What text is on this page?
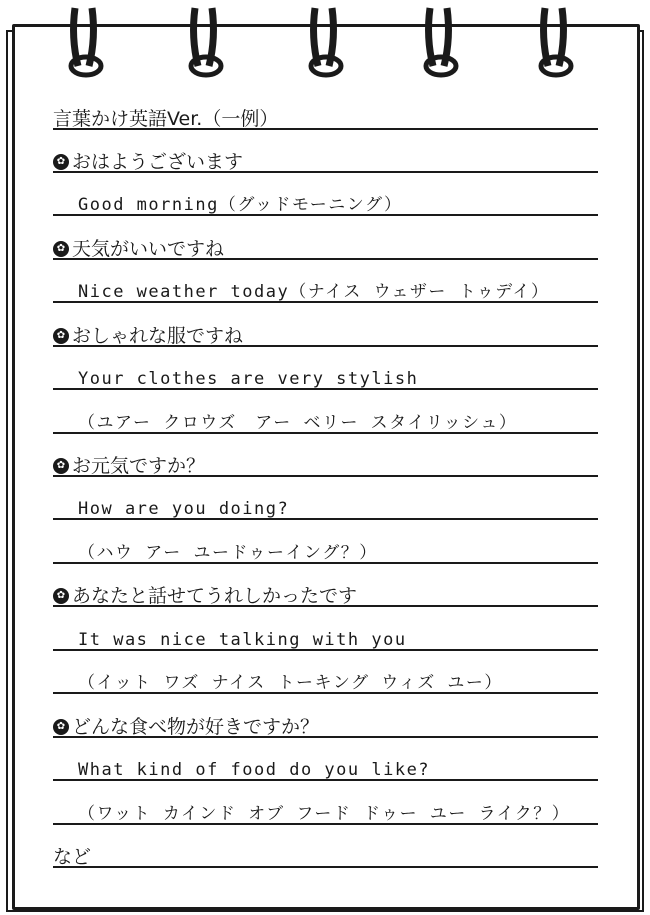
言葉かけ英語Ver.（一例）
✿ おはようございます
Good morning（グッドモーニング）
✿ 天気がいいですね
Nice weather today（ナイス ウェザー トゥデイ）
✿ おしゃれな服ですね
Your clothes are very stylish
（ユアー クロウズ　アー ベリー スタイリッシュ）
✿ お元気ですか？
How are you doing?
（ハウ アー ユードゥーイング？）
✿ あなたと話せてうれしかったです
It was nice talking with you
（イット ワズ ナイス トーキング ウィズ ユー）
✿ どんな食べ物が好きですか？
What kind of food do you like?
（ワット カインド オブ フード ドゥー ユー ライク？）
など
